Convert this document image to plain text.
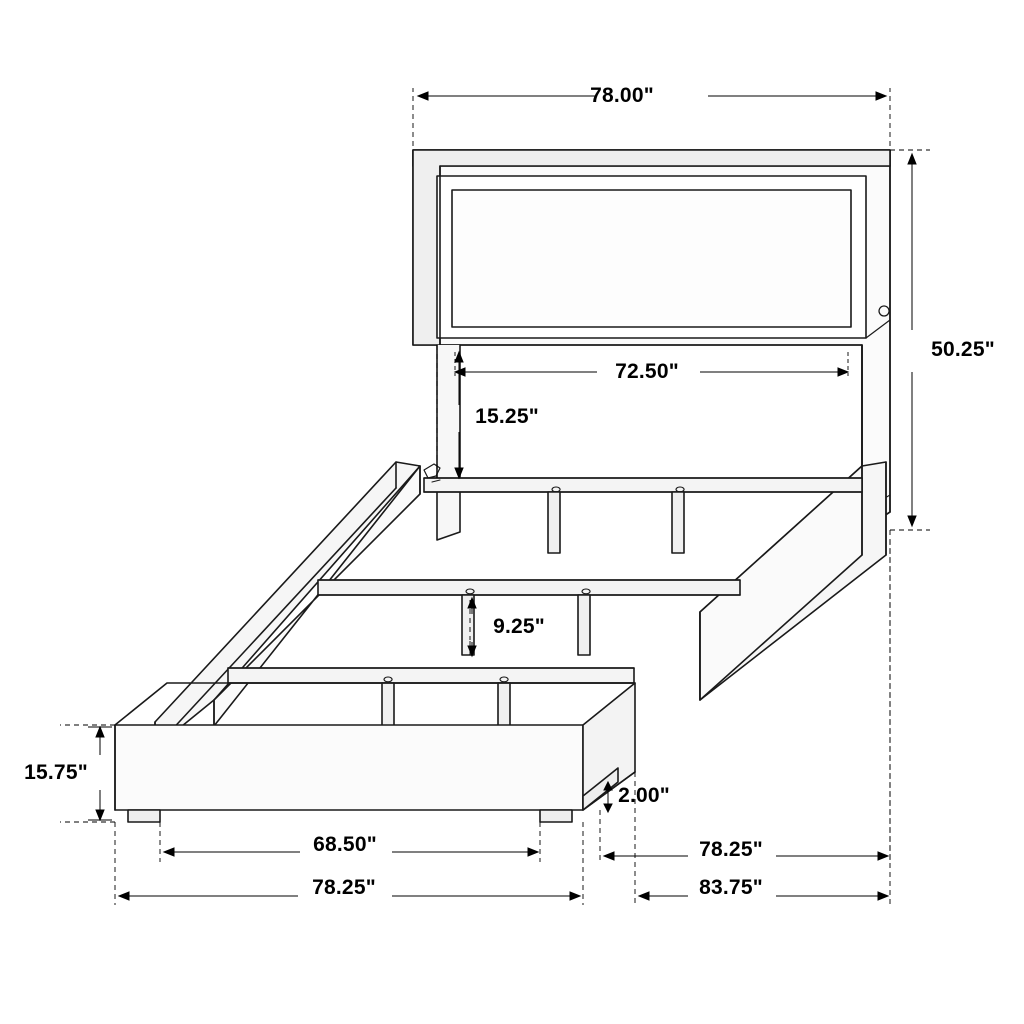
78.00"
50.25"
72.50"
15.25"
9.25"
15.75"
2.00"
68.50"	78.25"
78.25"	83.75"
